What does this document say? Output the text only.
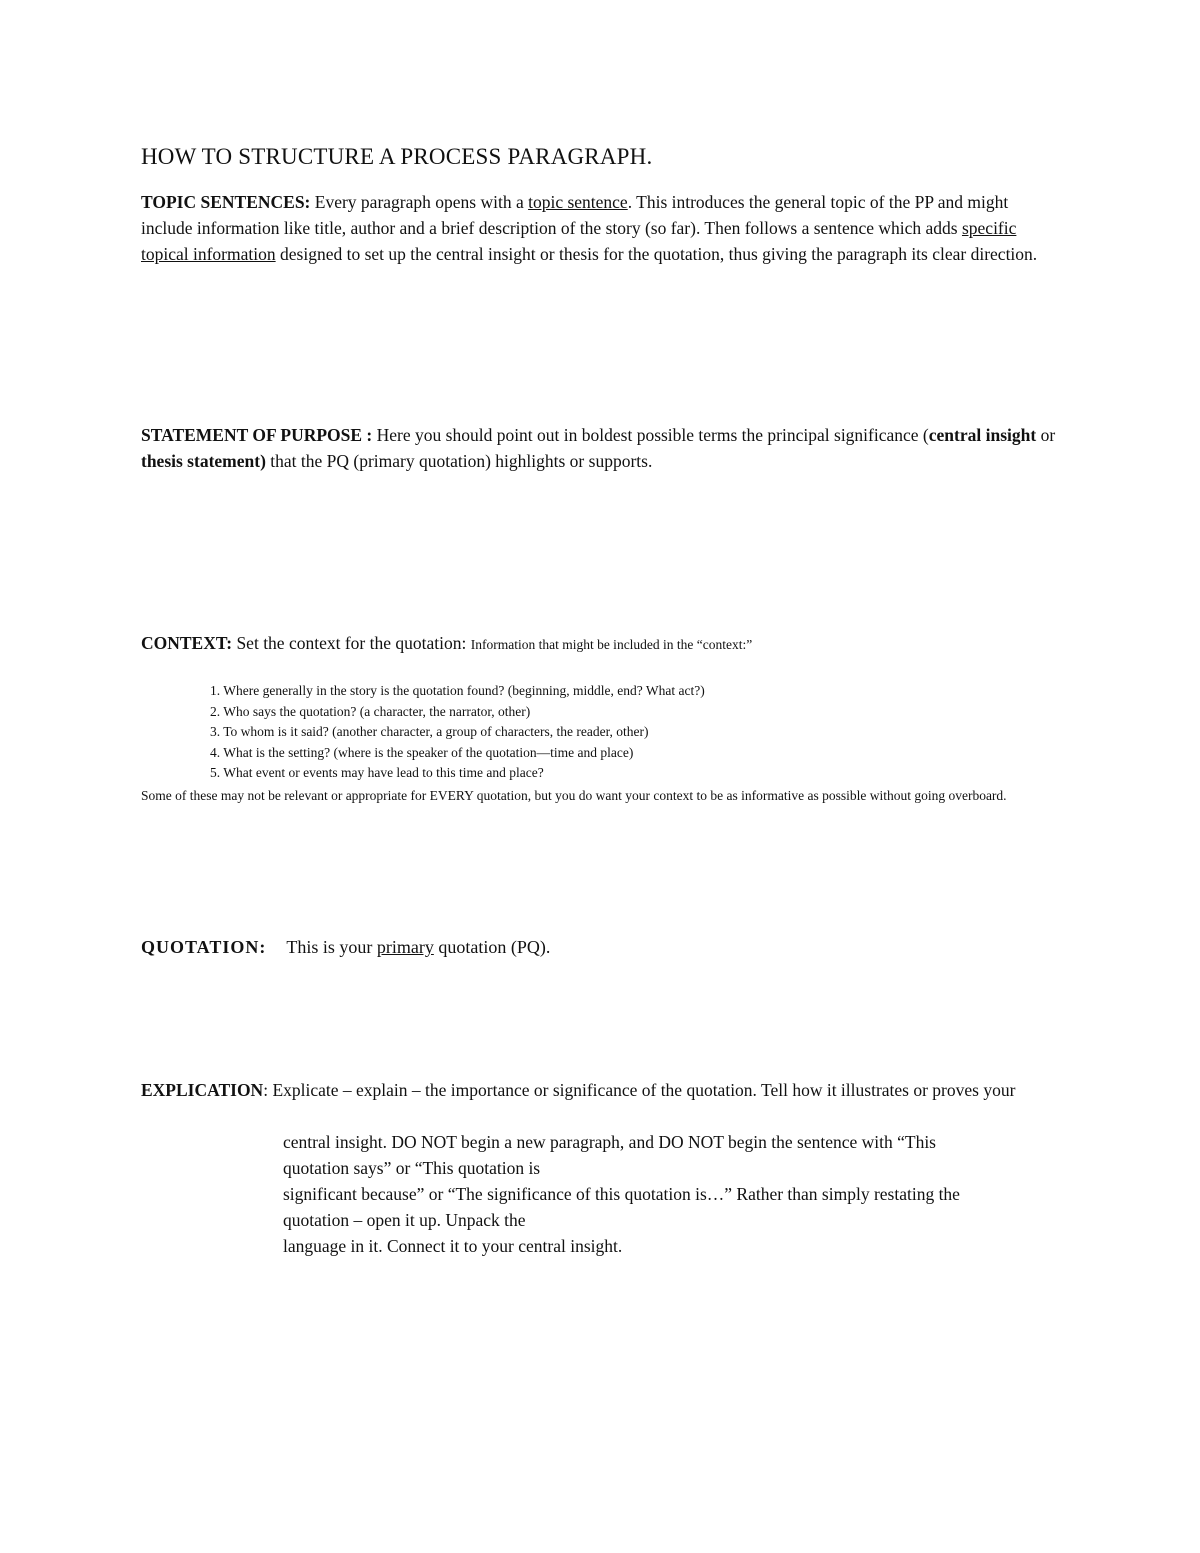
HOW TO STRUCTURE A PROCESS PARAGRAPH.
TOPIC SENTENCES: Every paragraph opens with a topic sentence. This introduces the general topic of the PP and might include information like title, author and a brief description of the story (so far). Then follows a sentence which adds specific topical information designed to set up the central insight or thesis for the quotation, thus giving the paragraph its clear direction.
STATEMENT OF PURPOSE : Here you should point out in boldest possible terms the principal significance (central insight or thesis statement) that the PQ (primary quotation) highlights or supports.
CONTEXT: Set the context for the quotation: Information that might be included in the “context:”
1. Where generally in the story is the quotation found? (beginning, middle, end? What act?)
2. Who says the quotation? (a character, the narrator, other)
3. To whom is it said? (another character, a group of characters, the reader, other)
4. What is the setting? (where is the speaker of the quotation—time and place)
5. What event or events may have lead to this time and place?
Some of these may not be relevant or appropriate for EVERY quotation, but you do want your context to be as informative as possible without going overboard.
QUOTATION: This is your primary quotation (PQ).
EXPLICATION: Explicate – explain – the importance or significance of the quotation. Tell how it illustrates or proves your
central insight. DO NOT begin a new paragraph, and DO NOT begin the sentence with “This
quotation says” or “This quotation is
significant because” or “The significance of this quotation is…” Rather than simply restating the
quotation – open it up. Unpack the
language in it. Connect it to your central insight.
